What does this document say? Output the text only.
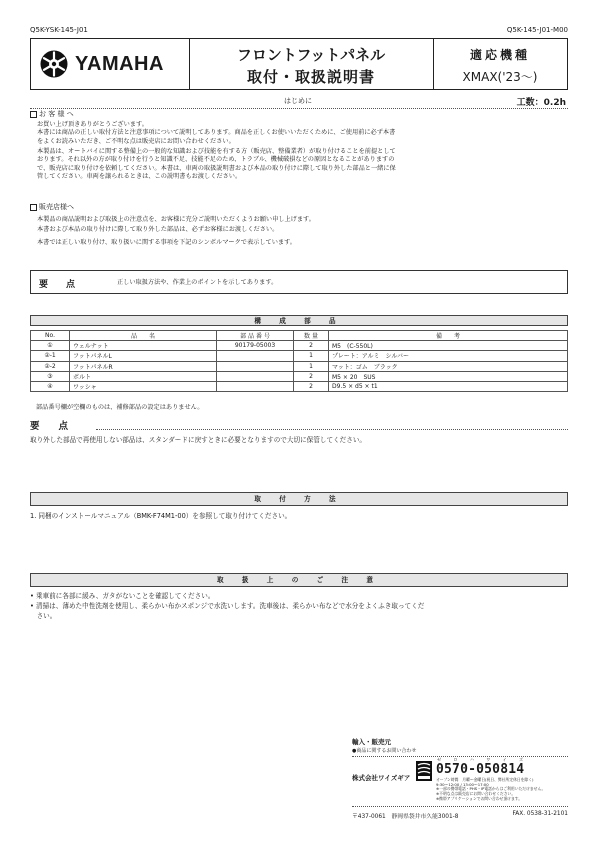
Q5K-YSK-145-J01	Q5K-145-J01-M00
YAMAHA	フロントフットパネル
取付・取扱説明書
適応機種
XMAX('23〜)
はじめに	工数：0.2h
お 客 様 へ
お買い上げ頂きありがとうございます。
本書には商品の正しい取付方法と注意事項について説明してあります。商品を正しくお使いいただくために、ご使用前に必ず本書
をよくお読みいただき、ご不明な点は販売店にお問い合わせください。
本製品は、オートバイに関する整備上の一般的な知識および技能を有する方（販売店、整備業者）が取り付けることを前提として
おります。それ以外の方が取り付けを行うと知識不足、技能不足のため、トラブル、機械破損などの原因となることがありますの
で、販売店に取り付けを依頼してください。本書は、車両の取扱説明書および本品の取り付けに際して取り外した部品と一緒に保
管してください。車両を譲られるときは、この説明書もお渡しください。
販売店様へ
本製品の商品説明および取扱上の注意点を、お客様に充分ご説明いただくようお願い申し上げます。
本書および本品の取り付けに際して取り外した部品は、必ずお客様にお渡しください。
本書では正しい取り付け、取り扱いに関する事項を下記のシンボルマークで表示しています。
要　　点	正しい取扱方法や、作業上のポイントを示してあります。
構 成 部 品
No.	品　　名	部 品 番 号	数 量	備　　考
①	ウェルナット	90179-05003	2	M5　(C-550L)
②-1	フットパネルL		1	プレート：アルミ　シルバー
②-2	フットパネルR		1	マット：ゴム　ブラック
③	ボルト		2	M5 × 20　SUS
④	ワッシャ		2	D9.5 × d5 × t1
部品番号欄が空欄のものは、補修部品の設定はありません。
要　　点
取り外した部品で再使用しない部品は、スタンダードに戻すときに必要となりますので大切に保管してください。
取 付 方 法
1. 同梱のインストールマニュアル（BMK-F74M1-00）を参照して取り付けてください。
取 扱 上 の ご 注 意
• 乗車前に各部に緩み、ガタがないことを確認してください。
• 清掃は、薄めた中性洗剤を使用し、柔らかい布かスポンジで水洗いします。洗車後は、柔らかい布などで水分をよくふき取ってくだ
　さい。
輸入・販売元
●商品に関するお問い合わせ
株式会社ワイズギア
ゼ　ロ　ハ　ワ　イ　ズ
0570-050814
オープン時間　月曜〜金曜日(祝日、弊社所定休日を除く)
9:30〜12:00 / 13:00〜17:00
※一部の携帯電話・PHS・IP電話からはご利用いただけません。
※不明な点は販売店にお問い合わせください。
※携帯アプリケーションでお問い合わせ頂けます。
〒437-0061　静岡県袋井市久能3001-8	FAX. 0538-31-2101
